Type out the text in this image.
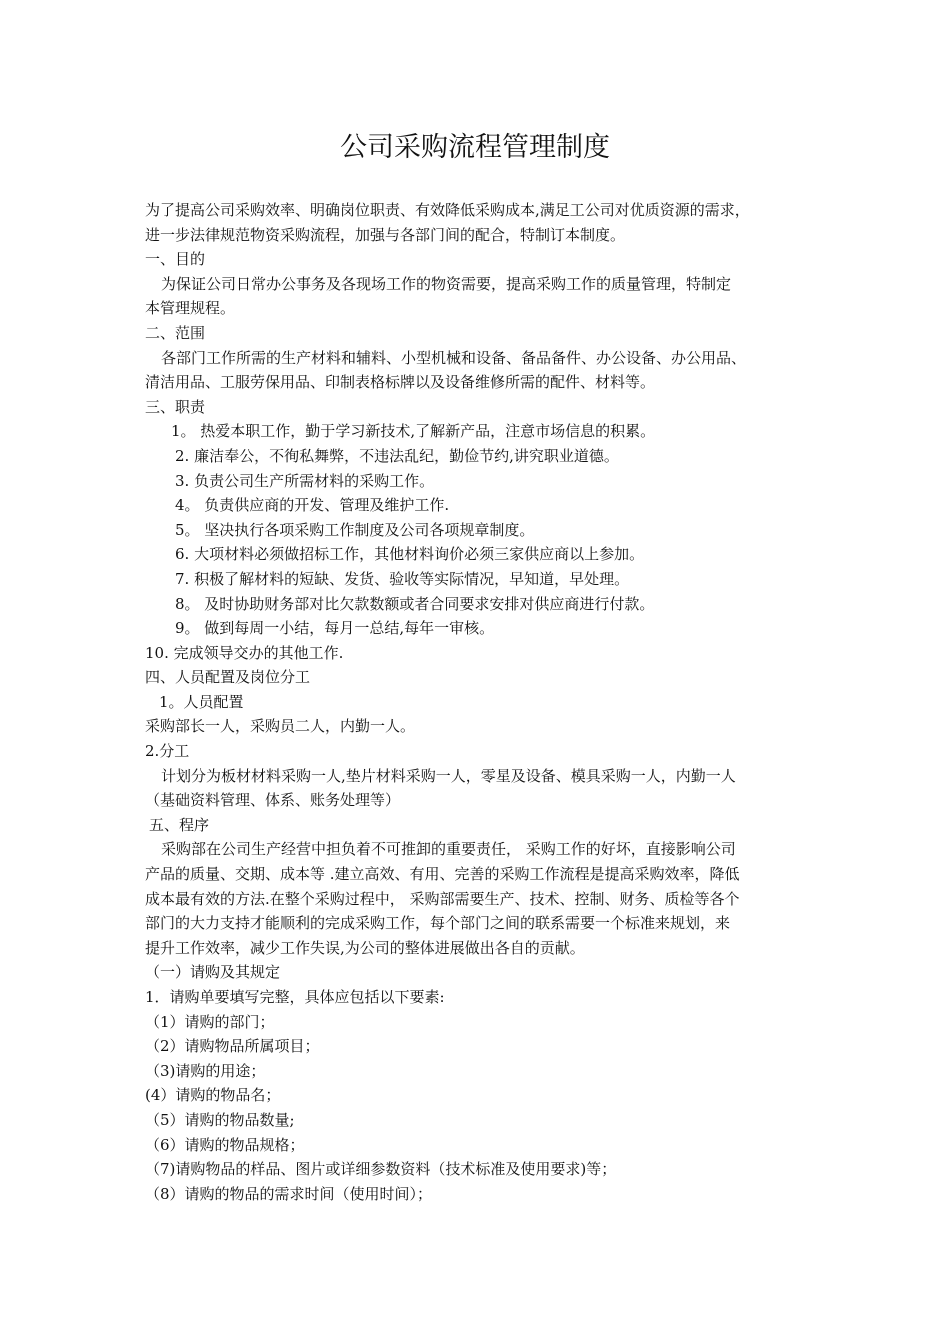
公司采购流程管理制度

为了提高公司采购效率、明确岗位职责、有效降低采购成本,满足工公司对优质资源的需求，

进一步法律规范物资采购流程，加强与各部门间的配合，特制订本制度。

一、目的

为保证公司日常办公事务及各现场工作的物资需要，提高采购工作的质量管理，特制定

本管理规程。

二、范围

各部门工作所需的生产材料和辅料、小型机械和设备、备品备件、办公设备、办公用品、

清洁用品、工服劳保用品、印制表格标牌以及设备维修所需的配件、材料等。

三、职责

1。 热爱本职工作，勤于学习新技术,了解新产品，注意市场信息的积累。

2. 廉洁奉公，不徇私舞弊，不违法乱纪，勤俭节约,讲究职业道德。

3. 负责公司生产所需材料的采购工作。

4。 负责供应商的开发、管理及维护工作.

5。 坚决执行各项采购工作制度及公司各项规章制度。

6. 大项材料必须做招标工作，其他材料询价必须三家供应商以上参加。

7. 积极了解材料的短缺、发货、验收等实际情况，早知道，早处理。

8。 及时协助财务部对比欠款数额或者合同要求安排对供应商进行付款。

9。 做到每周一小结，每月一总结,每年一审核。

10. 完成领导交办的其他工作.

四、人员配置及岗位分工

1。人员配置

采购部长一人，采购员二人，内勤一人。

2.分工

计划分为板材材料采购一人,垫片材料采购一人，零星及设备、模具采购一人，内勤一人

（基础资料管理、体系、账务处理等）

五、程序

采购部在公司生产经营中担负着不可推卸的重要责任， 采购工作的好坏，直接影响公司

产品的质量、交期、成本等 .建立高效、有用、完善的采购工作流程是提高采购效率，降低

成本最有效的方法.在整个采购过程中， 采购部需要生产、技术、控制、财务、质检等各个

部门的大力支持才能顺利的完成采购工作，每个部门之间的联系需要一个标准来规划，来

提升工作效率，减少工作失误,为公司的整体进展做出各自的贡献。

（一）请购及其规定

1．请购单要填写完整，具体应包括以下要素:

（1）请购的部门；

（2）请购物品所属项目；

（3)请购的用途；

(4）请购的物品名；

（5）请购的物品数量;

（6）请购的物品规格；

（7)请购物品的样品、图片或详细参数资料（技术标准及使用要求)等；

（8）请购的物品的需求时间（使用时间）；
